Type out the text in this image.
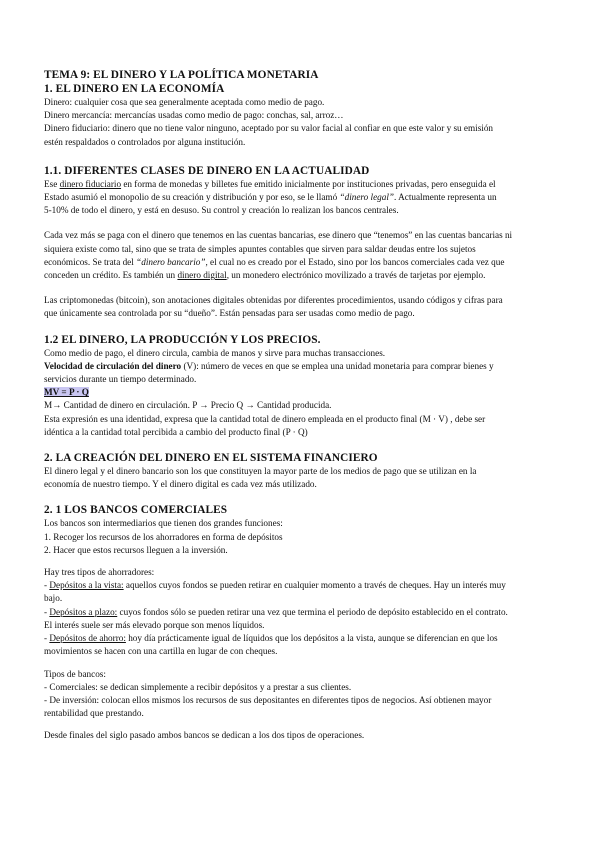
TEMA 9: EL DINERO Y LA POLÍTICA MONETARIA

1. EL DINERO EN LA ECONOMÍA

Dinero: cualquier cosa que sea generalmente aceptada como medio de pago.

Dinero mercancía: mercancías usadas como medio de pago: conchas, sal, arroz…

Dinero fiduciario: dinero que no tiene valor ninguno, aceptado por su valor facial al confiar en que este valor y su emisión

estén respaldados o controlados por alguna institución.

1.1. DIFERENTES CLASES DE DINERO EN LA ACTUALIDAD

Ese dinero fiduciario en forma de monedas y billetes fue emitido inicialmente por instituciones privadas, pero enseguida el

Estado asumió el monopolio de su creación y distribución y por eso, se le llamó “dinero legal”. Actualmente representa un

5-10% de todo el dinero, y está en desuso. Su control y creación lo realizan los bancos centrales.

Cada vez más se paga con el dinero que tenemos en las cuentas bancarias, ese dinero que “tenemos” en las cuentas bancarias ni

siquiera existe como tal, sino que se trata de simples apuntes contables que sirven para saldar deudas entre los sujetos

económicos. Se trata del “dinero bancario”, el cual no es creado por el Estado, sino por los bancos comerciales cada vez que

conceden un crédito. Es también un dinero digital, un monedero electrónico movilizado a través de tarjetas por ejemplo.

Las criptomonedas (bitcoin), son anotaciones digitales obtenidas por diferentes procedimientos, usando códigos y cifras para

que únicamente sea controlada por su “dueño”. Están pensadas para ser usadas como medio de pago.

1.2 EL DINERO, LA PRODUCCIÓN Y LOS PRECIOS.

Como medio de pago, el dinero circula, cambia de manos y sirve para muchas transacciones.

Velocidad de circulación del dinero (V): número de veces en que se emplea una unidad monetaria para comprar bienes y

servicios durante un tiempo determinado.

MV = P · Q

M→ Cantidad de dinero en circulación. P → Precio Q → Cantidad producida.

Esta expresión es una identidad, expresa que la cantidad total de dinero empleada en el producto final (M · V) , debe ser

idéntica a la cantidad total percibida a cambio del producto final (P · Q)

2. LA CREACIÓN DEL DINERO EN EL SISTEMA FINANCIERO

El dinero legal y el dinero bancario son los que constituyen la mayor parte de los medios de pago que se utilizan en la

economía de nuestro tiempo. Y el dinero digital es cada vez más utilizado.

2. 1 LOS BANCOS COMERCIALES

Los bancos son intermediarios que tienen dos grandes funciones:

1. Recoger los recursos de los ahorradores en forma de depósitos

2. Hacer que estos recursos lleguen a la inversión.

Hay tres tipos de ahorradores:

- Depósitos a la vista: aquellos cuyos fondos se pueden retirar en cualquier momento a través de cheques. Hay un interés muy

bajo.

- Depósitos a plazo: cuyos fondos sólo se pueden retirar una vez que termina el periodo de depósito establecido en el contrato.

El interés suele ser más elevado porque son menos líquidos.

- Depósitos de ahorro: hoy día prácticamente igual de líquidos que los depósitos a la vista, aunque se diferencian en que los

movimientos se hacen con una cartilla en lugar de con cheques.

Tipos de bancos:

- Comerciales: se dedican simplemente a recibir depósitos y a prestar a sus clientes.

- De inversión: colocan ellos mismos los recursos de sus depositantes en diferentes tipos de negocios. Así obtienen mayor

rentabilidad que prestando.

Desde finales del siglo pasado ambos bancos se dedican a los dos tipos de operaciones.
